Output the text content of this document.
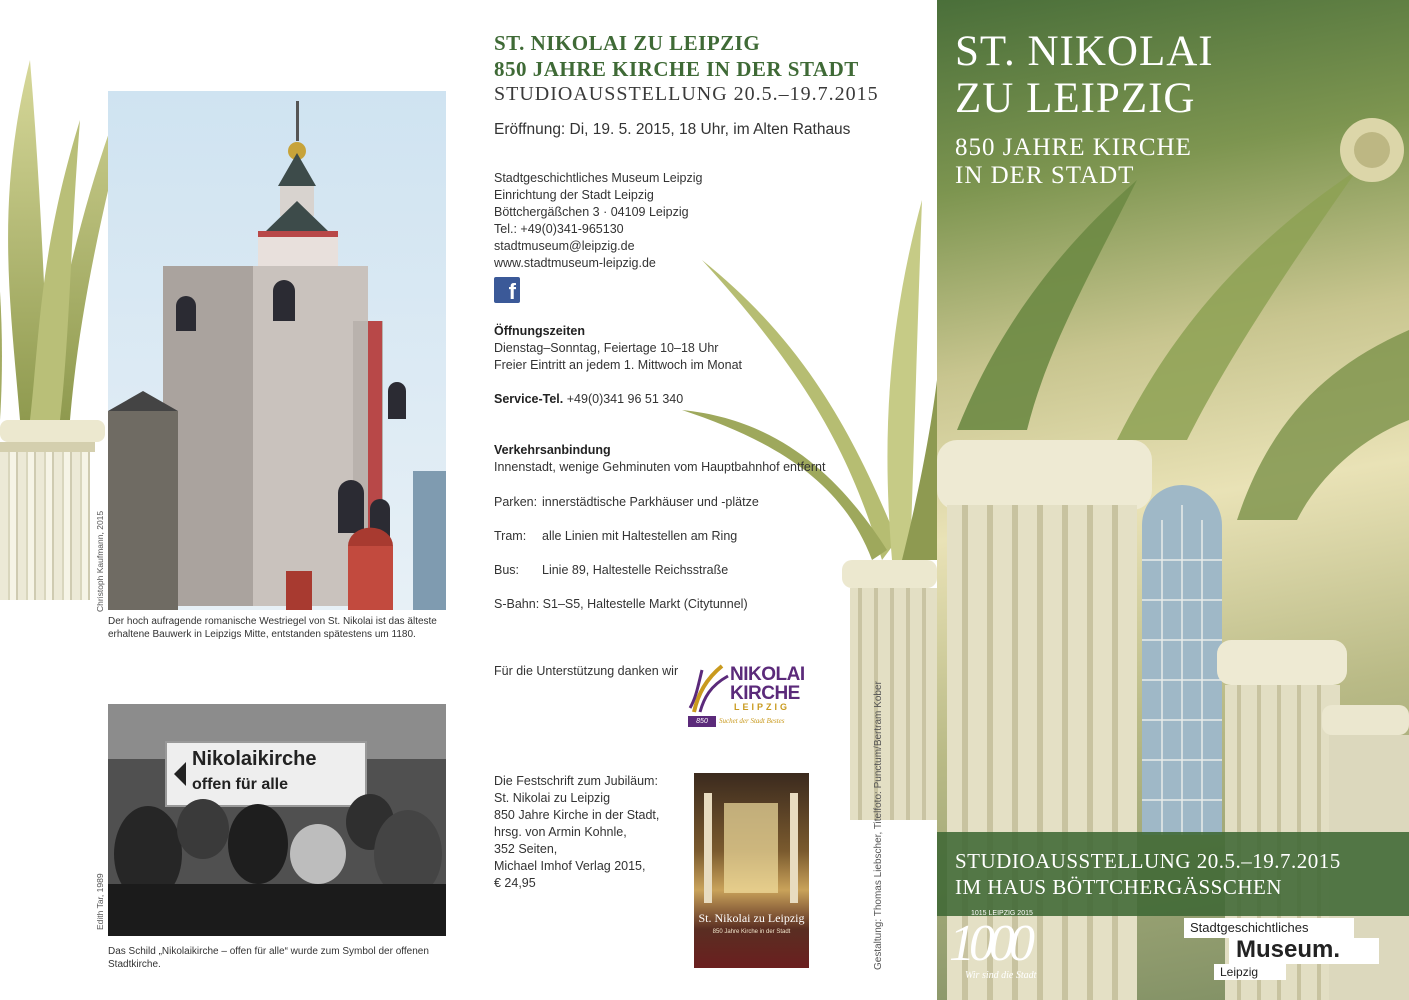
Christoph Kaufmann, 2015
Der hoch aufragende romanische Westriegel von St. Nikolai ist das älteste erhaltene Bauwerk in Leipzigs Mitte, entstanden spätestens um 1180.
Nikolaikirche
offen für alle
Edith Tar, 1989
Das Schild „Nikolaikirche – offen für alle“ wurde zum Symbol der offenen Stadtkirche.
ST. NIKOLAI ZU LEIPZIG
850 JAHRE KIRCHE IN DER STADT
STUDIOAUSSTELLUNG 20.5.–19.7.2015
Eröffnung: Di, 19. 5. 2015, 18 Uhr, im Alten Rathaus
Stadtgeschichtliches Museum Leipzig
Einrichtung der Stadt Leipzig
Böttchergäßchen 3 · 04109 Leipzig
Tel.: +49(0)341-965130
stadtmuseum@leipzig.de
www.stadtmuseum-leipzig.de
f
Öffnungszeiten
Dienstag–Sonntag, Feiertage 10–18 Uhr
Freier Eintritt an jedem 1. Mittwoch im Monat
Service-Tel. +49(0)341 96 51 340
Verkehrsanbindung
Innenstadt, wenige Gehminuten vom Hauptbahnhof entfernt
Parken: innerstädtische Parkhäuser und -plätze
Tram: alle Linien mit Haltestellen am Ring
Bus: Linie 89, Haltestelle Reichsstraße
S-Bahn: S1–S5, Haltestelle Markt (Citytunnel)
Für die Unterstützung danken wir	NIKOLAI
KIRCHE
LEIPZIG
850 Jahre
Suchet der Stadt Bestes
Die Festschrift zum Jubiläum:
St. Nikolai zu Leipzig
850 Jahre Kirche in der Stadt,
hrsg. von Armin Kohnle,
352 Seiten,
Michael Imhof Verlag 2015,
€ 24,95
St. Nikolai zu Leipzig
850 Jahre Kirche in der Stadt	Gestaltung: Thomas Liebscher, Titelfoto: Punctum/Bertram Kober
ST. NIKOLAI
ZU LEIPZIG
850 JAHRE KIRCHE
IN DER STADT
STUDIOAUSSTELLUNG 20.5.–19.7.2015
IM HAUS BÖTTCHERGÄSSCHEN
1015 LEIPZIG 2015
1000
Wir sind die Stadt
Stadtgeschichtliches
Museum.
Leipzig
